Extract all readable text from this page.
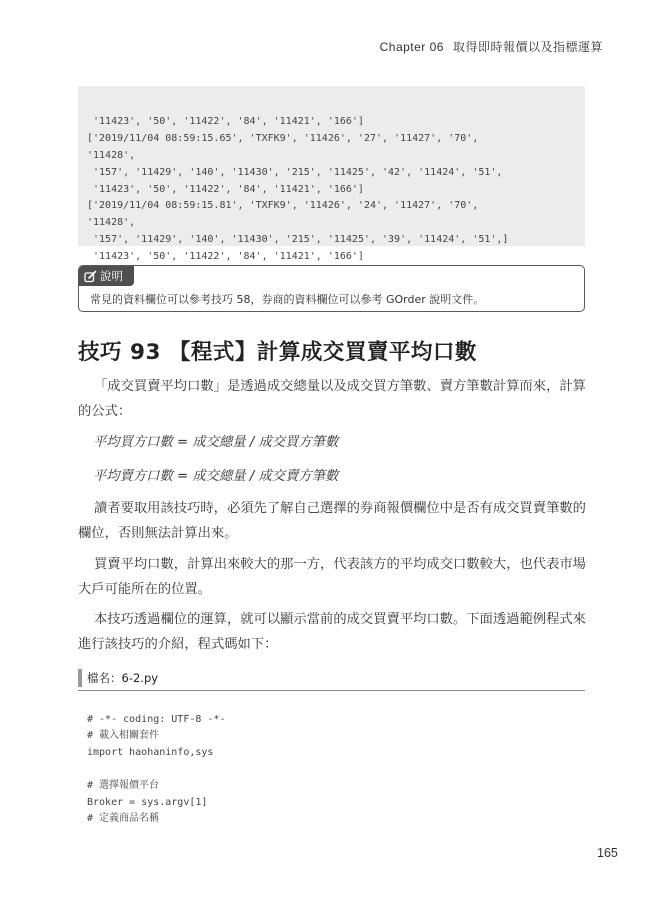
Chapter 06 取得即時報價以及指標運算

'11423', '50', '11422', '84', '11421', '166']
['2019/11/04 08:59:15.65', 'TXFK9', '11426', '27', '11427', '70',
'11428',
'157', '11429', '140', '11430', '215', '11425', '42', '11424', '51',
'11423', '50', '11422', '84', '11421', '166']
['2019/11/04 08:59:15.81', 'TXFK9', '11426', '24', '11427', '70',
'11428',
'157', '11429', '140', '11430', '215', '11425', '39', '11424', '51',]
'11423', '50', '11422', '84', '11421', '166']

說明
常見的資料欄位可以參考技巧 58，券商的資料欄位可以參考 GOrder 說明文件。
技巧 93 【程式】計算成交買賣平均口數
「成交買賣平均口數」是透過成交總量以及成交買方筆數、賣方筆數計算而來，計算的公式：
平均買方口數 = 成交總量 / 成交買方筆數
平均賣方口數 = 成交總量 / 成交賣方筆數
讀者要取用該技巧時，必須先了解自己選擇的券商報價欄位中是否有成交買賣筆數的欄位，否則無法計算出來。
買賣平均口數，計算出來較大的那一方，代表該方的平均成交口數較大，也代表市場大戶可能所在的位置。
本技巧透過欄位的運算，就可以顯示當前的成交買賣平均口數。下面透過範例程式來進行該技巧的介紹，程式碼如下：
檔名：6-2.py

# -*- coding: UTF-8 -*-
# 載入相關套件
import haohaninfo,sys

# 選擇報價平台
Broker = sys.argv[1]
# 定義商品名稱

165
